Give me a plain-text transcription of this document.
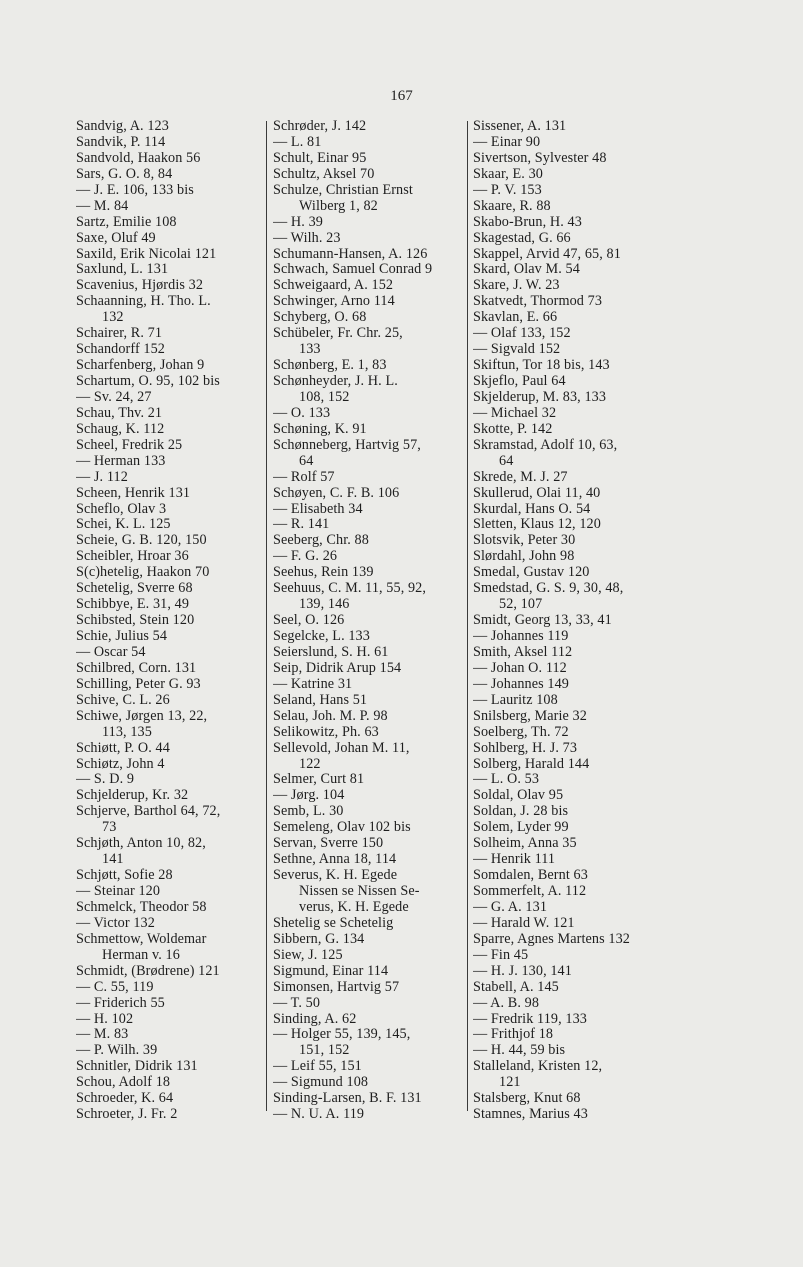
167
Sandvig, A. 123
Sandvik, P. 114
Sandvold, Haakon 56
Sars, G. O. 8, 84
— J. E. 106, 133 bis
— M. 84
Sartz, Emilie 108
Saxe, Oluf 49
Saxild, Erik Nicolai 121
Saxlund, L. 131
Scavenius, Hjørdis 32
Schaanning, H. Tho. L.
132
Schairer, R. 71
Schandorff 152
Scharfenberg, Johan 9
Schartum, O. 95, 102 bis
— Sv. 24, 27
Schau, Thv. 21
Schaug, K. 112
Scheel, Fredrik 25
— Herman 133
— J. 112
Scheen, Henrik 131
Scheflo, Olav 3
Schei, K. L. 125
Scheie, G. B. 120, 150
Scheibler, Hroar 36
S(c)hetelig, Haakon 70
Schetelig, Sverre 68
Schibbye, E. 31, 49
Schibsted, Stein 120
Schie, Julius 54
— Oscar 54
Schilbred, Corn. 131
Schilling, Peter G. 93
Schive, C. L. 26
Schiwe, Jørgen 13, 22,
113, 135
Schiøtt, P. O. 44
Schiøtz, John 4
— S. D. 9
Schjelderup, Kr. 32
Schjerve, Barthol 64, 72,
73
Schjøth, Anton 10, 82,
141
Schjøtt, Sofie 28
— Steinar 120
Schmelck, Theodor 58
— Victor 132
Schmettow, Woldemar
Herman v. 16
Schmidt, (Brødrene) 121
— C. 55, 119
— Friderich 55
— H. 102
— M. 83
— P. Wilh. 39
Schnitler, Didrik 131
Schou, Adolf 18
Schroeder, K. 64
Schroeter, J. Fr. 2
Schrøder, J. 142
— L. 81
Schult, Einar 95
Schultz, Aksel 70
Schulze, Christian Ernst
Wilberg 1, 82
— H. 39
— Wilh. 23
Schumann-Hansen, A. 126
Schwach, Samuel Conrad 9
Schweigaard, A. 152
Schwinger, Arno 114
Schyberg, O. 68
Schübeler, Fr. Chr. 25,
133
Schønberg, E. 1, 83
Schønheyder, J. H. L.
108, 152
— O. 133
Schøning, K. 91
Schønneberg, Hartvig 57,
64
— Rolf 57
Schøyen, C. F. B. 106
— Elisabeth 34
— R. 141
Seeberg, Chr. 88
— F. G. 26
Seehus, Rein 139
Seehuus, C. M. 11, 55, 92,
139, 146
Seel, O. 126
Segelcke, L. 133
Seierslund, S. H. 61
Seip, Didrik Arup 154
— Katrine 31
Seland, Hans 51
Selau, Joh. M. P. 98
Selikowitz, Ph. 63
Sellevold, Johan M. 11,
122
Selmer, Curt 81
— Jørg. 104
Semb, L. 30
Semeleng, Olav 102 bis
Servan, Sverre 150
Sethne, Anna 18, 114
Severus, K. H. Egede
Nissen se Nissen Se-
verus, K. H. Egede
Shetelig se Schetelig
Sibbern, G. 134
Siew, J. 125
Sigmund, Einar 114
Simonsen, Hartvig 57
— T. 50
Sinding, A. 62
— Holger 55, 139, 145,
151, 152
— Leif 55, 151
— Sigmund 108
Sinding-Larsen, B. F. 131
— N. U. A. 119
Sissener, A. 131
— Einar 90
Sivertson, Sylvester 48
Skaar, E. 30
— P. V. 153
Skaare, R. 88
Skabo-Brun, H. 43
Skagestad, G. 66
Skappel, Arvid 47, 65, 81
Skard, Olav M. 54
Skare, J. W. 23
Skatvedt, Thormod 73
Skavlan, E. 66
— Olaf 133, 152
— Sigvald 152
Skiftun, Tor 18 bis, 143
Skjeflo, Paul 64
Skjelderup, M. 83, 133
— Michael 32
Skotte, P. 142
Skramstad, Adolf 10, 63,
64
Skrede, M. J. 27
Skullerud, Olai 11, 40
Skurdal, Hans O. 54
Sletten, Klaus 12, 120
Slotsvik, Peter 30
Slørdahl, John 98
Smedal, Gustav 120
Smedstad, G. S. 9, 30, 48,
52, 107
Smidt, Georg 13, 33, 41
— Johannes 119
Smith, Aksel 112
— Johan O. 112
— Johannes 149
— Lauritz 108
Snilsberg, Marie 32
Soelberg, Th. 72
Sohlberg, H. J. 73
Solberg, Harald 144
— L. O. 53
Soldal, Olav 95
Soldan, J. 28 bis
Solem, Lyder 99
Solheim, Anna 35
— Henrik 111
Somdalen, Bernt 63
Sommerfelt, A. 112
— G. A. 131
— Harald W. 121
Sparre, Agnes Martens 132
— Fin 45
— H. J. 130, 141
Stabell, A. 145
— A. B. 98
— Fredrik 119, 133
— Frithjof 18
— H. 44, 59 bis
Stalleland, Kristen 12,
121
Stalsberg, Knut 68
Stamnes, Marius 43
